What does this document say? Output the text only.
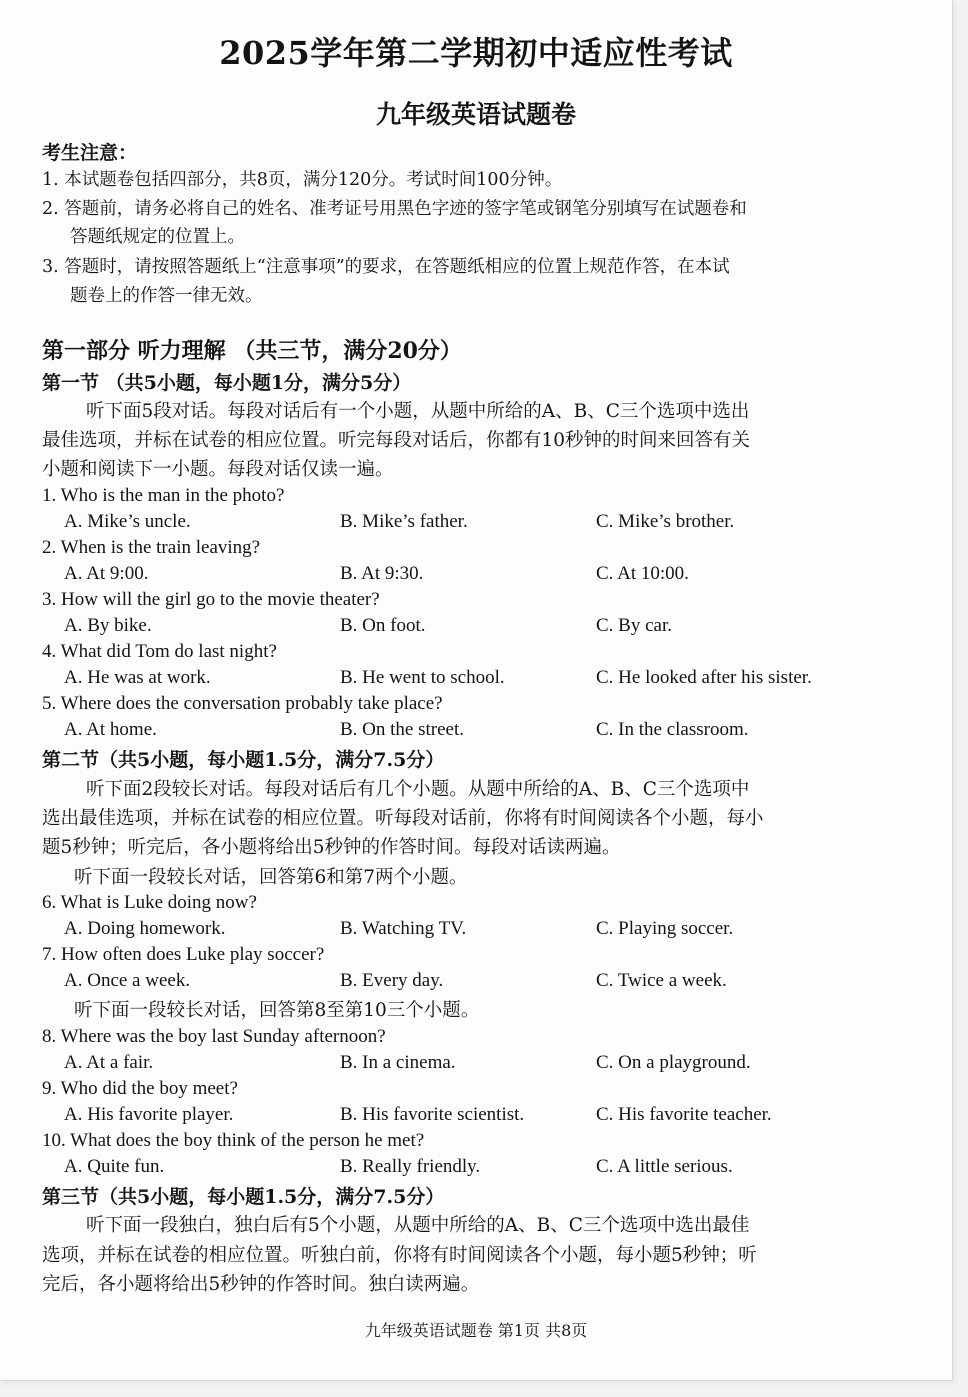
2025学年第二学期初中适应性考试
九年级英语试题卷
考生注意：
1. 本试题卷包括四部分，共8页，满分120分。考试时间100分钟。
2. 答题前，请务必将自己的姓名、准考证号用黑色字迹的签字笔或钢笔分别填写在试题卷和
答题纸规定的位置上。
3. 答题时，请按照答题纸上“注意事项”的要求，在答题纸相应的位置上规范作答，在本试
题卷上的作答一律无效。
第一部分 听力理解 （共三节，满分20分）
第一节 （共5小题，每小题1分，满分5分）
听下面5段对话。每段对话后有一个小题，从题中所给的A、B、C三个选项中选出
最佳选项，并标在试卷的相应位置。听完每段对话后，你都有10秒钟的时间来回答有关
小题和阅读下一小题。每段对话仅读一遍。
1. Who is the man in the photo?
A. Mike’s uncle.	B. Mike’s father.	C. Mike’s brother.
2. When is the train leaving?
A. At 9:00.	B. At 9:30.	C. At 10:00.
3. How will the girl go to the movie theater?
A. By bike.	B. On foot.	C. By car.
4. What did Tom do last night?
A. He was at work.	B. He went to school.	C. He looked after his sister.
5. Where does the conversation probably take place?
A. At home.	B. On the street.	C. In the classroom.
第二节（共5小题，每小题1.5分，满分7.5分）
听下面2段较长对话。每段对话后有几个小题。从题中所给的A、B、C三个选项中
选出最佳选项，并标在试卷的相应位置。听每段对话前，你将有时间阅读各个小题，每小
题5秒钟；听完后，各小题将给出5秒钟的作答时间。每段对话读两遍。
听下面一段较长对话，回答第6和第7两个小题。
6. What is Luke doing now?
A. Doing homework.	B. Watching TV.	C. Playing soccer.
7. How often does Luke play soccer?
A. Once a week.	B. Every day.	C. Twice a week.
听下面一段较长对话，回答第8至第10三个小题。
8. Where was the boy last Sunday afternoon?
A. At a fair.	B. In a cinema.	C. On a playground.
9. Who did the boy meet?
A. His favorite player.	B. His favorite scientist.	C. His favorite teacher.
10. What does the boy think of the person he met?
A. Quite fun.	B. Really friendly.	C. A little serious.
第三节（共5小题，每小题1.5分，满分7.5分）
听下面一段独白，独白后有5个小题，从题中所给的A、B、C三个选项中选出最佳
选项，并标在试卷的相应位置。听独白前，你将有时间阅读各个小题，每小题5秒钟；听
完后，各小题将给出5秒钟的作答时间。独白读两遍。
九年级英语试题卷 第1页 共8页
